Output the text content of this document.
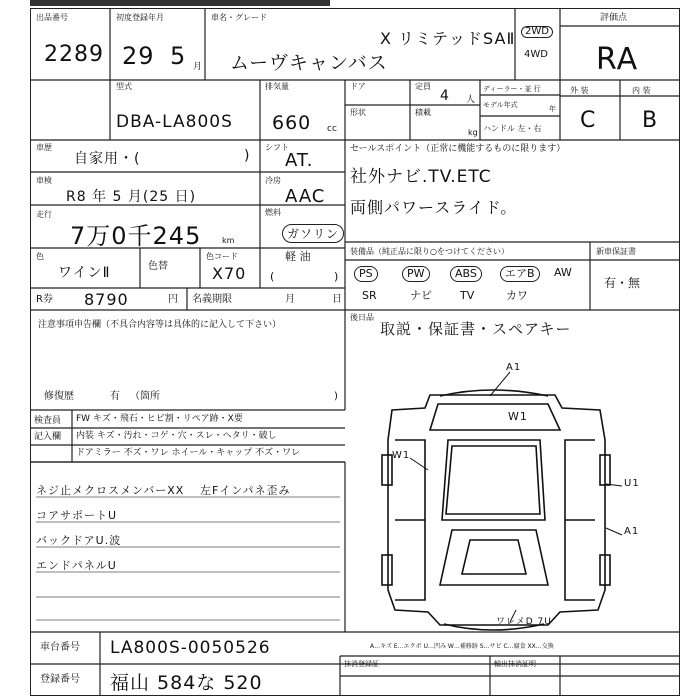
出品番号
2289
初度登録年月
29 5 月
車名・グレード
ムーヴキャンバス
X リミテッドSAⅡ 2WD
4WD
評価点
RA
型式
DBA-LA800S
排気量
660 cc
ドア
形状
定員
4 人
積載
kg
ディーラー・並 行
モデル年式	年
ハンドル 左・右
外 装	内 装
C B
車歴
自家用・(	)
シフト
AT.
車検
R8 年 5 月(25 日)
冷房
AAC
走行
7万0千245	km
燃料
ガソリン
色
ワインⅡ	色替
色コード
X70
軽 油
(	)
R券 8790	円 名義期限	月	日
セールスポイント（正常に機能するものに限ります）
社外ナビ.TV.ETC
両側パワースライド。
装備品（純正品に限り○をつけてください）	新車保証書
PS	PW	ABS	エアB	AW
SR	ナビ	TV	カワ
有・無
注意事項申告欄（不具合内容等は具体的に記入して下さい）
修復歴	有 （箇所	)
後日品
取説・保証書・スペアキー
検査員
記入欄
FW キズ・飛石・ヒビ割・リペア跡・X要
内装 キズ・汚れ・コゲ・穴・スレ・ヘタリ・破し
ドアミラー 不ズ・ワレ ホイール・キャップ 不ズ・ワレ
ネジ止メクロスメンバーXX 左Fインパネ歪み
コアサポートU
バックドアU.波
エンドパネルU
A1
W1
W1
U1
A1
ワレメD 7U
車台番号 LA800S-0050526	A…キズ E…エクボ U…凹み W…補修跡 S…サビ C…腐食 XX…交換
登録番号 福山 584な 520
抹消登録証	輸出抹消証明
